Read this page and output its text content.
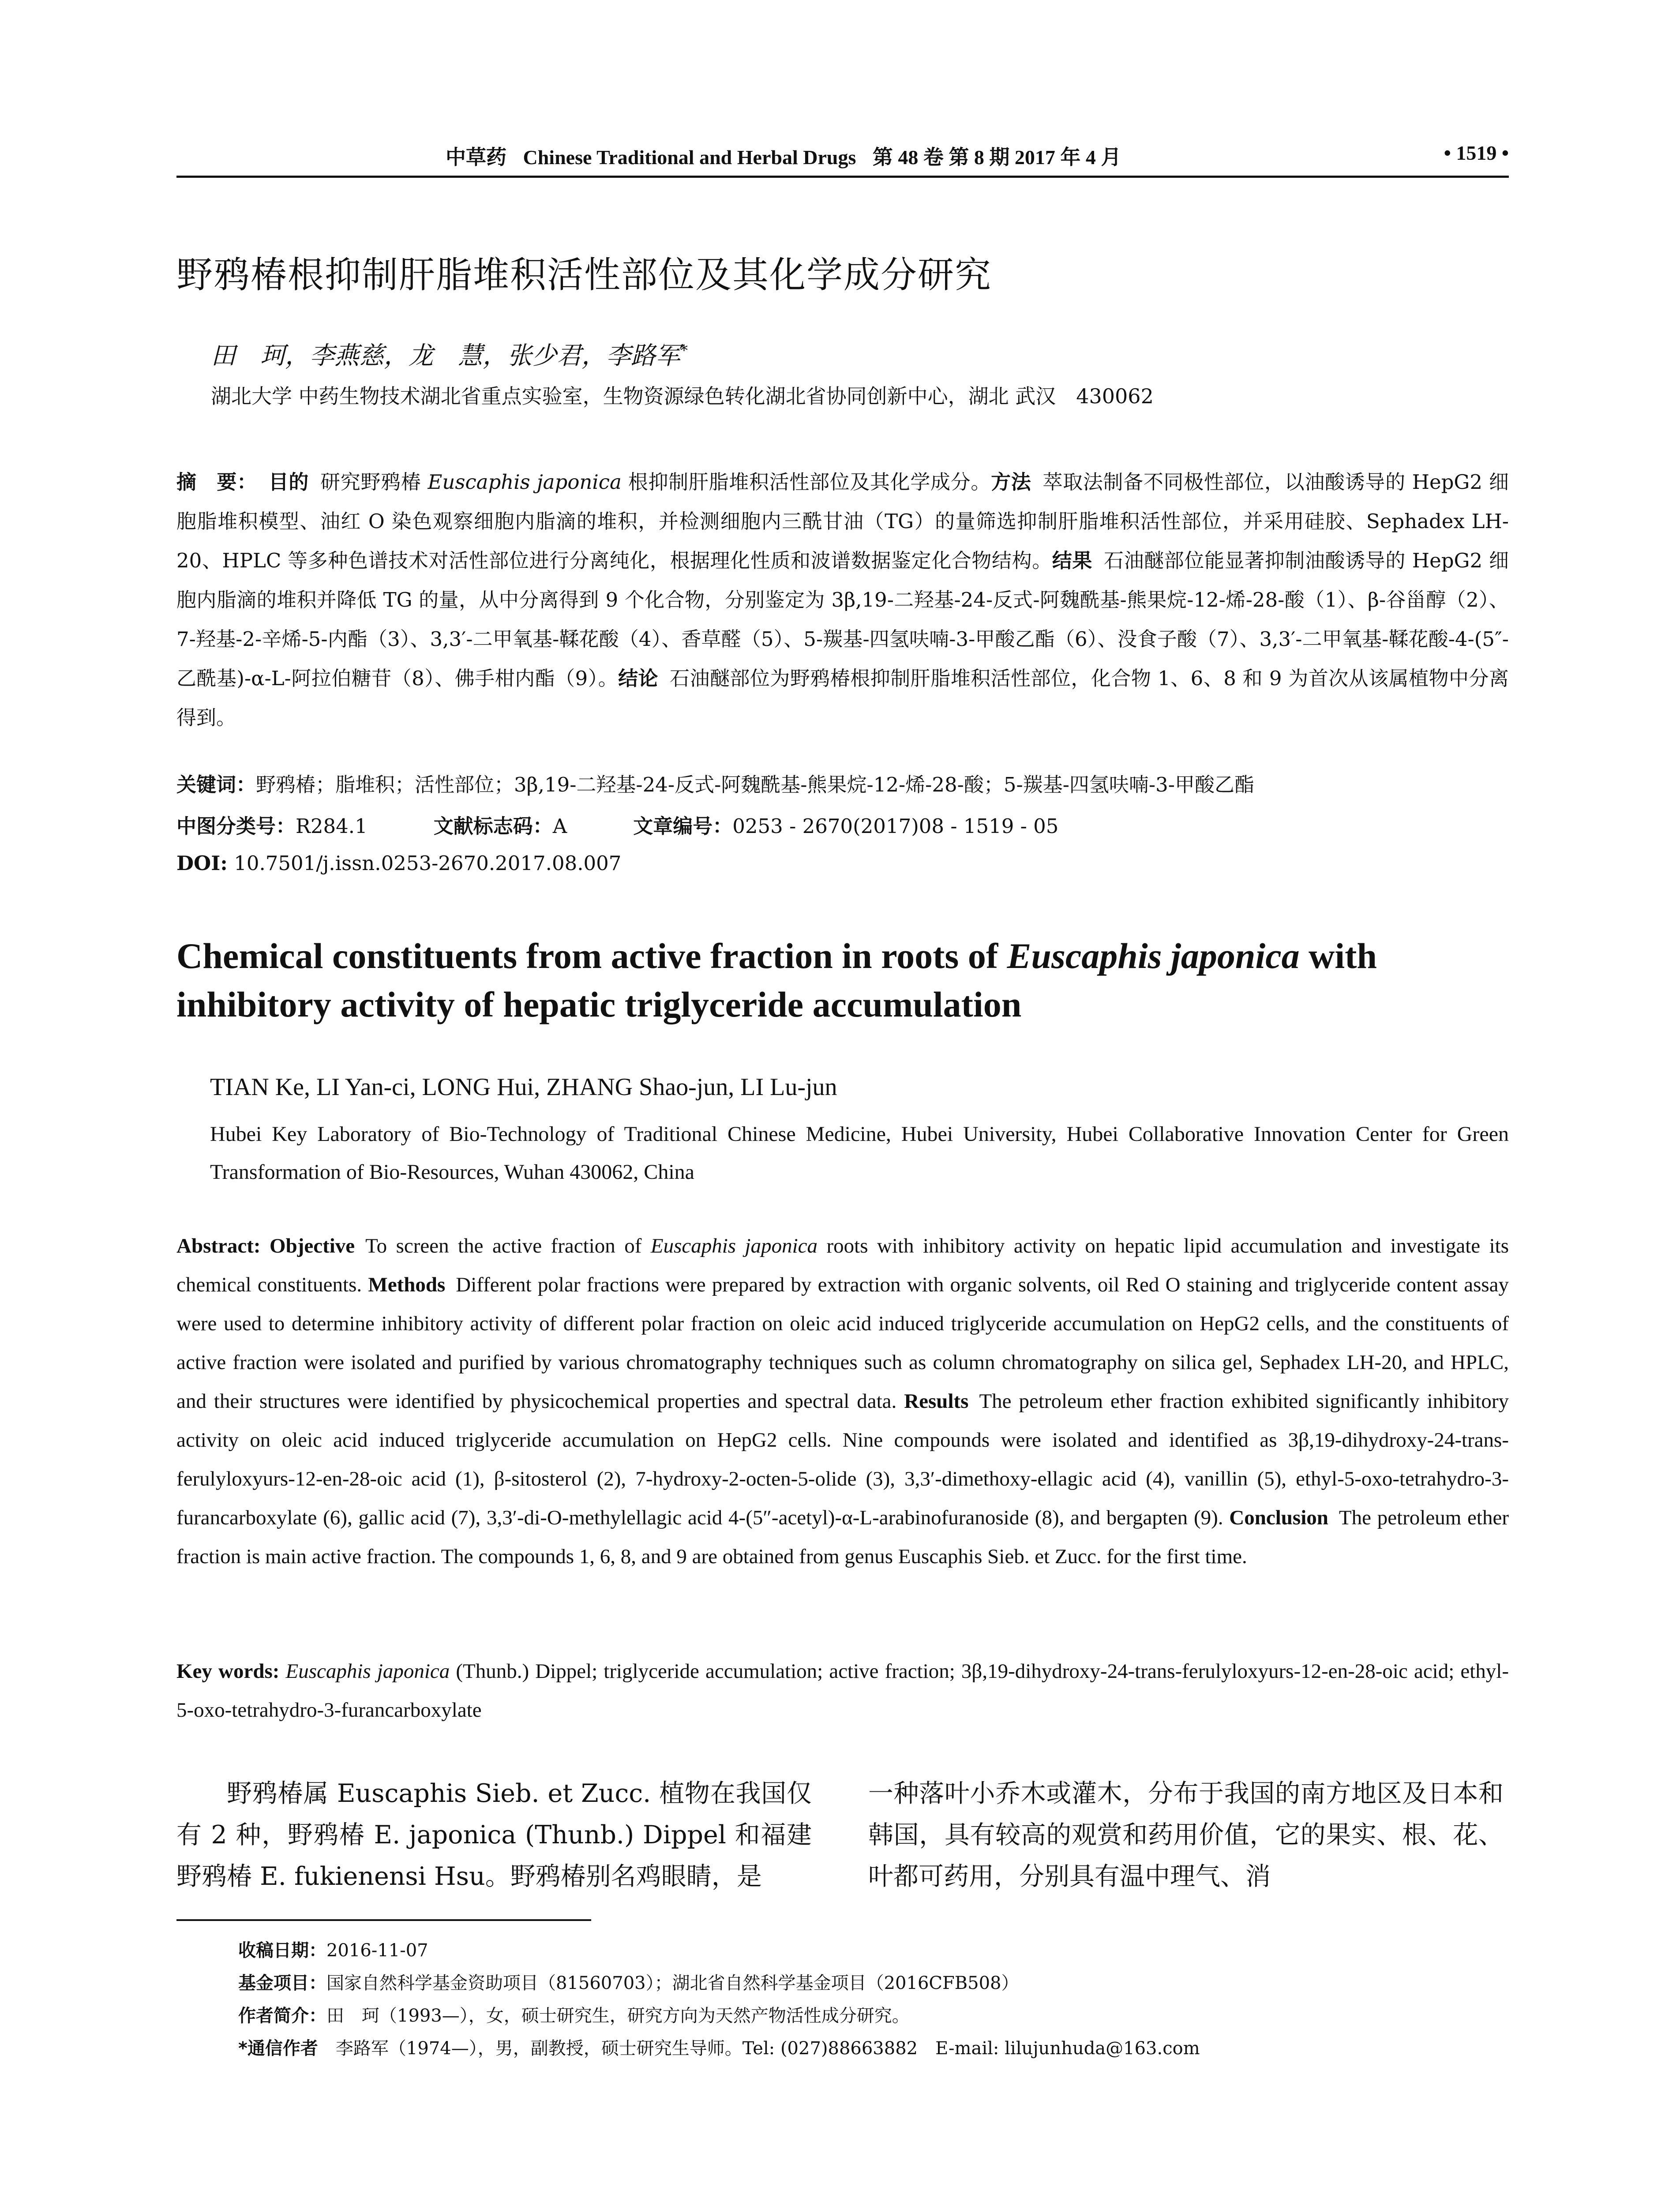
中草药 Chinese Traditional and Herbal Drugs 第 48 卷 第 8 期 2017 年 4 月	• 1519 •
野鸦椿根抑制肝脂堆积活性部位及其化学成分研究
田　珂，李燕慈，龙　慧，张少君，李路军*
湖北大学 中药生物技术湖北省重点实验室，生物资源绿色转化湖北省协同创新中心，湖北 武汉　430062
摘　要： 目的 研究野鸦椿 Euscaphis japonica 根抑制肝脂堆积活性部位及其化学成分。方法 萃取法制备不同极性部位，以油酸诱导的 HepG2 细胞脂堆积模型、油红 O 染色观察细胞内脂滴的堆积，并检测细胞内三酰甘油（TG）的量筛选抑制肝脂堆积活性部位，并采用硅胶、Sephadex LH-20、HPLC 等多种色谱技术对活性部位进行分离纯化，根据理化性质和波谱数据鉴定化合物结构。结果 石油醚部位能显著抑制油酸诱导的 HepG2 细胞内脂滴的堆积并降低 TG 的量，从中分离得到 9 个化合物，分别鉴定为 3β,19-二羟基-24-反式-阿魏酰基-熊果烷-12-烯-28-酸（1）、β-谷甾醇（2）、7-羟基-2-辛烯-5-内酯（3）、3,3′-二甲氧基-鞣花酸（4）、香草醛（5）、5-羰基-四氢呋喃-3-甲酸乙酯（6）、没食子酸（7）、3,3′-二甲氧基-鞣花酸-4-(5″-乙酰基)-α-L-阿拉伯糖苷（8）、佛手柑内酯（9）。结论 石油醚部位为野鸦椿根抑制肝脂堆积活性部位，化合物 1、6、8 和 9 为首次从该属植物中分离得到。
关键词：野鸦椿；脂堆积；活性部位；3β,19-二羟基-24-反式-阿魏酰基-熊果烷-12-烯-28-酸；5-羰基-四氢呋喃-3-甲酸乙酯
中图分类号：R284.1	文献标志码：A	文章编号：0253 - 2670(2017)08 - 1519 - 05
DOI: 10.7501/j.issn.0253-2670.2017.08.007
Chemical constituents from active fraction in roots of Euscaphis japonica with inhibitory activity of hepatic triglyceride accumulation
TIAN Ke, LI Yan-ci, LONG Hui, ZHANG Shao-jun, LI Lu-jun
Hubei Key Laboratory of Bio-Technology of Traditional Chinese Medicine, Hubei University, Hubei Collaborative Innovation Center for Green Transformation of Bio-Resources, Wuhan 430062, China
Abstract: Objective To screen the active fraction of Euscaphis japonica roots with inhibitory activity on hepatic lipid accumulation and investigate its chemical constituents. Methods Different polar fractions were prepared by extraction with organic solvents, oil Red O staining and triglyceride content assay were used to determine inhibitory activity of different polar fraction on oleic acid induced triglyceride accumulation on HepG2 cells, and the constituents of active fraction were isolated and purified by various chromatography techniques such as column chromatography on silica gel, Sephadex LH-20, and HPLC, and their structures were identified by physicochemical properties and spectral data. Results The petroleum ether fraction exhibited significantly inhibitory activity on oleic acid induced triglyceride accumulation on HepG2 cells. Nine compounds were isolated and identified as 3β,19-dihydroxy-24-trans-ferulyloxyurs-12-en-28-oic acid (1), β-sitosterol (2), 7-hydroxy-2-octen-5-olide (3), 3,3′-dimethoxy-ellagic acid (4), vanillin (5), ethyl-5-oxo-tetrahydro-3-furancarboxylate (6), gallic acid (7), 3,3′-di-O-methylellagic acid 4-(5″-acetyl)-α-L-arabinofuranoside (8), and bergapten (9). Conclusion The petroleum ether fraction is main active fraction. The compounds 1, 6, 8, and 9 are obtained from genus Euscaphis Sieb. et Zucc. for the first time.
Key words: Euscaphis japonica (Thunb.) Dippel; triglyceride accumulation; active fraction; 3β,19-dihydroxy-24-trans-ferulyloxyurs-12-en-28-oic acid; ethyl-5-oxo-tetrahydro-3-furancarboxylate
野鸦椿属 Euscaphis Sieb. et Zucc. 植物在我国仅有 2 种，野鸦椿 E. japonica (Thunb.) Dippel 和福建野鸦椿 E. fukienensi Hsu。野鸦椿别名鸡眼睛，是
一种落叶小乔木或灌木，分布于我国的南方地区及日本和韩国，具有较高的观赏和药用价值，它的果实、根、花、叶都可药用，分别具有温中理气、消
收稿日期：2016-11-07
基金项目：国家自然科学基金资助项目（81560703）；湖北省自然科学基金项目（2016CFB508）
作者简介：田　珂（1993—），女，硕士研究生，研究方向为天然产物活性成分研究。
*通信作者　 李路军（1974—），男，副教授，硕士研究生导师。Tel: (027)88663882　E-mail: lilujunhuda@163.com
